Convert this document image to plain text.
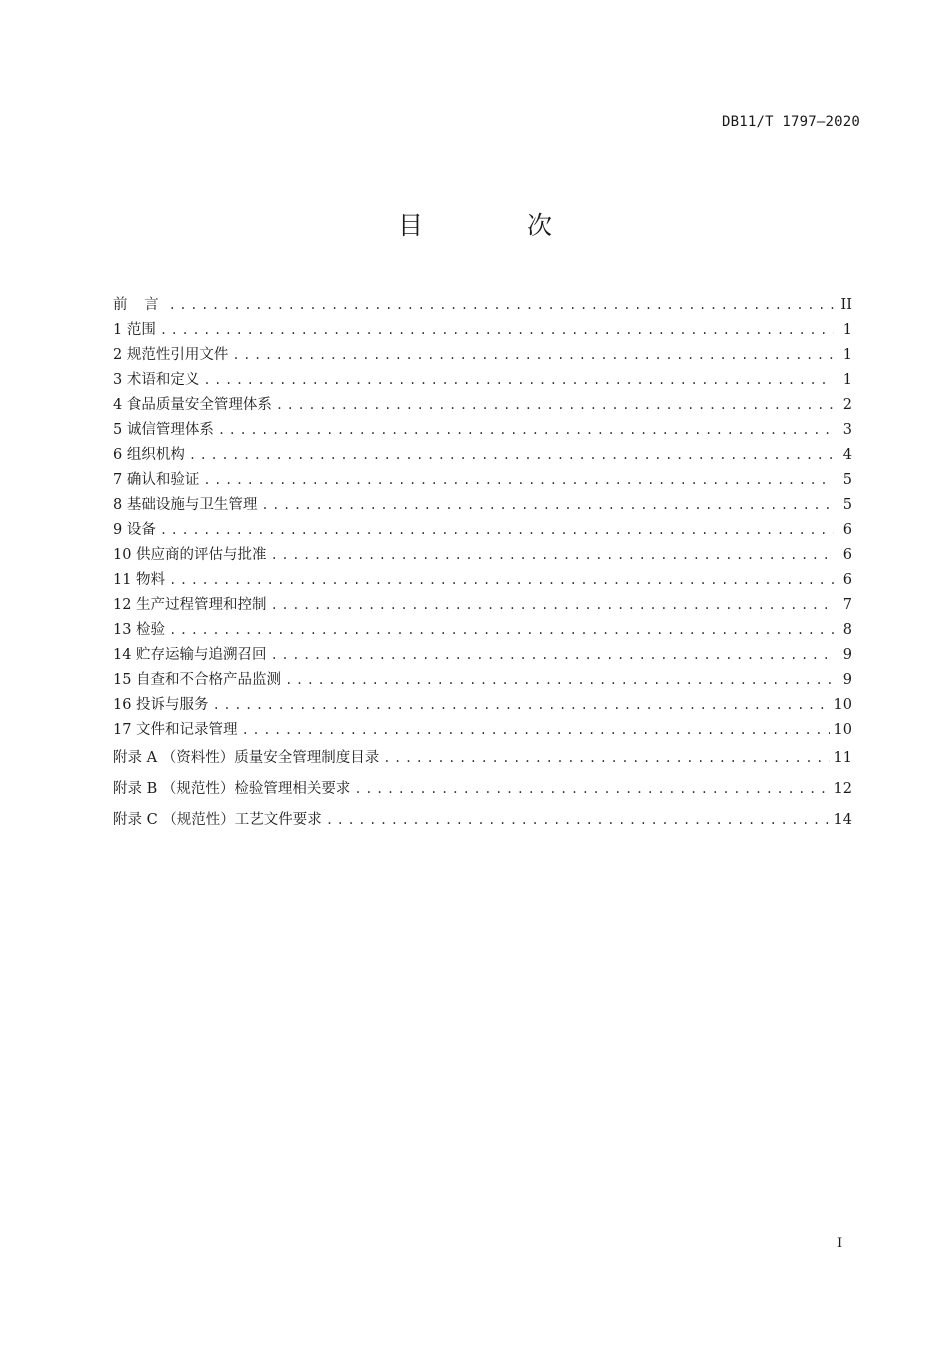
DB11/T 1797—2020
目 次
前 言 .....	II
1 范围 .....	1
2 规范性引用文件 .....	1
3 术语和定义 .....	1
4 食品质量安全管理体系 .....	2
5 诚信管理体系 .....	3
6 组织机构 .....	4
7 确认和验证 .....	5
8 基础设施与卫生管理 .....	5
9 设备 .....	6
10 供应商的评估与批准 .....	6
11 物料 .....	6
12 生产过程管理和控制 .....	7
13 检验 .....	8
14 贮存运输与追溯召回 .....	9
15 自查和不合格产品监测 .....	9
16 投诉与服务 .....	10
17 文件和记录管理 .....	10
附录 A （资料性）质量安全管理制度目录 .....	11
附录 B （规范性）检验管理相关要求 .....	12
附录 C （规范性）工艺文件要求 .....	14
I
